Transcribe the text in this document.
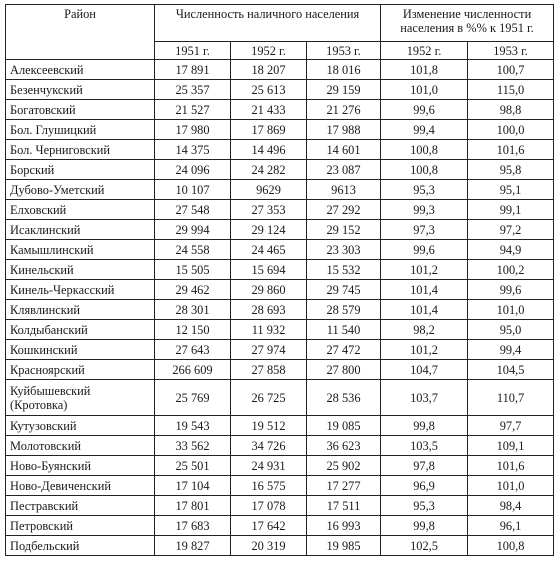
Район	Численность наличного населения			Изменение численности населения в %% к 1951 г.	
	1951 г.	1952 г.	1953 г.	1952 г.	1953 г.
Алексеевский	17 891	18 207	18 016	101,8	100,7
Безенчукский	25 357	25 613	29 159	101,0	115,0
Богатовский	21 527	21 433	21 276	99,6	98,8
Бол. Глушицкий	17 980	17 869	17 988	99,4	100,0
Бол. Черниговский	14 375	14 496	14 601	100,8	101,6
Борский	24 096	24 282	23 087	100,8	95,8
Дубово-Уметский	10 107	9629	9613	95,3	95,1
Елховский	27 548	27 353	27 292	99,3	99,1
Исаклинский	29 994	29 124	29 152	97,3	97,2
Камышлинский	24 558	24 465	23 303	99,6	94,9
Кинельский	15 505	15 694	15 532	101,2	100,2
Кинель-Черкасский	29 462	29 860	29 745	101,4	99,6
Клявлинский	28 301	28 693	28 579	101,4	101,0
Колдыбанский	12 150	11 932	11 540	98,2	95,0
Кошкинский	27 643	27 974	27 472	101,2	99,4
Красноярский	266 609	27 858	27 800	104,7	104,5
Куйбышевский (Кротовка)	25 769	26 725	28 536	103,7	110,7
Кутузовский	19 543	19 512	19 085	99,8	97,7
Молотовский	33 562	34 726	36 623	103,5	109,1
Ново-Буянский	25 501	24 931	25 902	97,8	101,6
Ново-Девиченский	17 104	16 575	17 277	96,9	101,0
Пестравский	17 801	17 078	17 511	95,3	98,4
Петровский	17 683	17 642	16 993	99,8	96,1
Подбельский	19 827	20 319	19 985	102,5	100,8
